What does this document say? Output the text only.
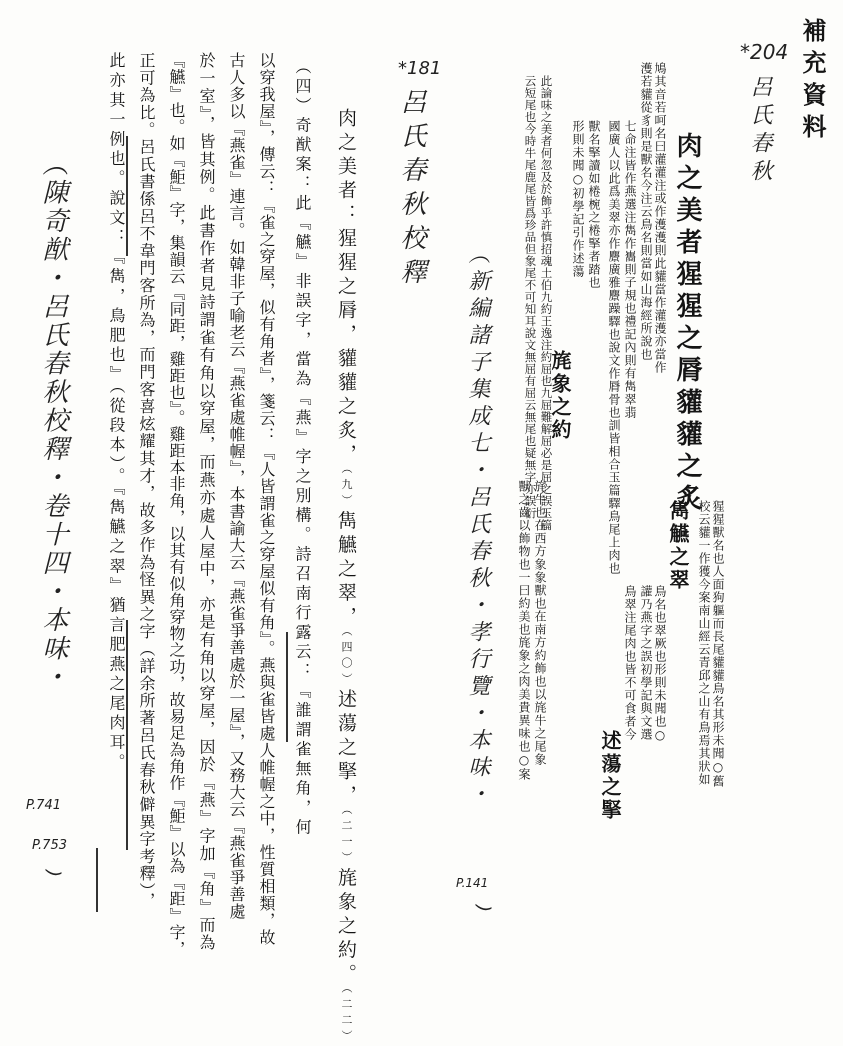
補充資料
*204
呂氏春秋
肉之美者猩猩之脣貛貛之炙
猩猩獸名也人面狗軀而長尾貛貛鳥名其形未聞○舊
校云貛一作獲今案南山經云青邱之山有鳥焉其狀如
鳩其音若呵名曰灌灌注或作濩濩則此貛當作灌濩亦當作
濩若貛從豸則是獸名今注云鳥名則當如山海經所說也
雋觾之翠
鳥名也翠厥也形則未聞也○
七命注皆作燕選注雋作巂則子規也禮記內則有雋翠翡
讙乃燕字之誤初學記與文選
鳥翠注尾肉也皆不可食者今
國廣人以此爲美翠亦作麖廣雅麖躁驛也說文作脣骨也訓皆相合玉篇驛鳥尾上肉也
述蕩之掔
獸名掔讀如棬椀之棬掔者踏也
形則未聞○初學記引作述蕩
旄象之約
旄牛也在西方象象獸也在南方約飾也以旄牛之尾象
獸之齒以飾物也一曰約美也旄象之肉美貴異味也○案
此論味之美者何忽及於飾乎許慎招魂土伯九約王逸注約屈也九屈難解屈必是屈之誤玉篇
云短尾也今時牛尾鹿尾皆爲珍品但象尾不可知耳說文無屈有屈云無尾也疑無字亦誤衍
（新編諸子集成七・呂氏春秋・孝行覽・本味・
P.141
)
*181
呂氏春秋校釋
肉之美者：猩猩之脣，貛貛之炙，（九）雋觾之翠，（四〇）述蕩之掔，（二一）旄象之約。（二二）
（四）奇猷案：此『觾』非誤字，當為『燕』字之別構。詩召南行露云：『誰謂雀無角，何
以穿我屋』，傳云：『雀之穿屋，似有角者』，箋云：『人皆謂雀之穿屋似有角』。燕與雀皆處人帷幄之中，性質相類，故
古人多以『燕雀』連言。如韓非子喻老云『燕雀處帷幄』，本書諭大云『燕雀爭善處於一屋』，又務大云『燕雀爭善處
於一室』，皆其例。此書作者見詩謂雀有角以穿屋，而燕亦處人屋中，亦是有角以穿屋，因於『燕』字加『角』而為
『觾』也。如『鮔』字，集韻云『同距，雞距也』。雞距本非角，以其有似角穿物之功，故易足為角作『鮔』以為『距』字，
正可為比。呂氏書係呂不韋門客所為，而門客喜炫耀其才，故多作為怪異之字（詳余所著呂氏春秋僻異字考釋），
此亦其一例也。說文：『雋，鳥肥也』（從段本）。『雋觾之翠』猶言肥燕之尾肉耳。
（陳奇猷・呂氏春秋校釋・卷十四・本味・
P.741
P.753
)
